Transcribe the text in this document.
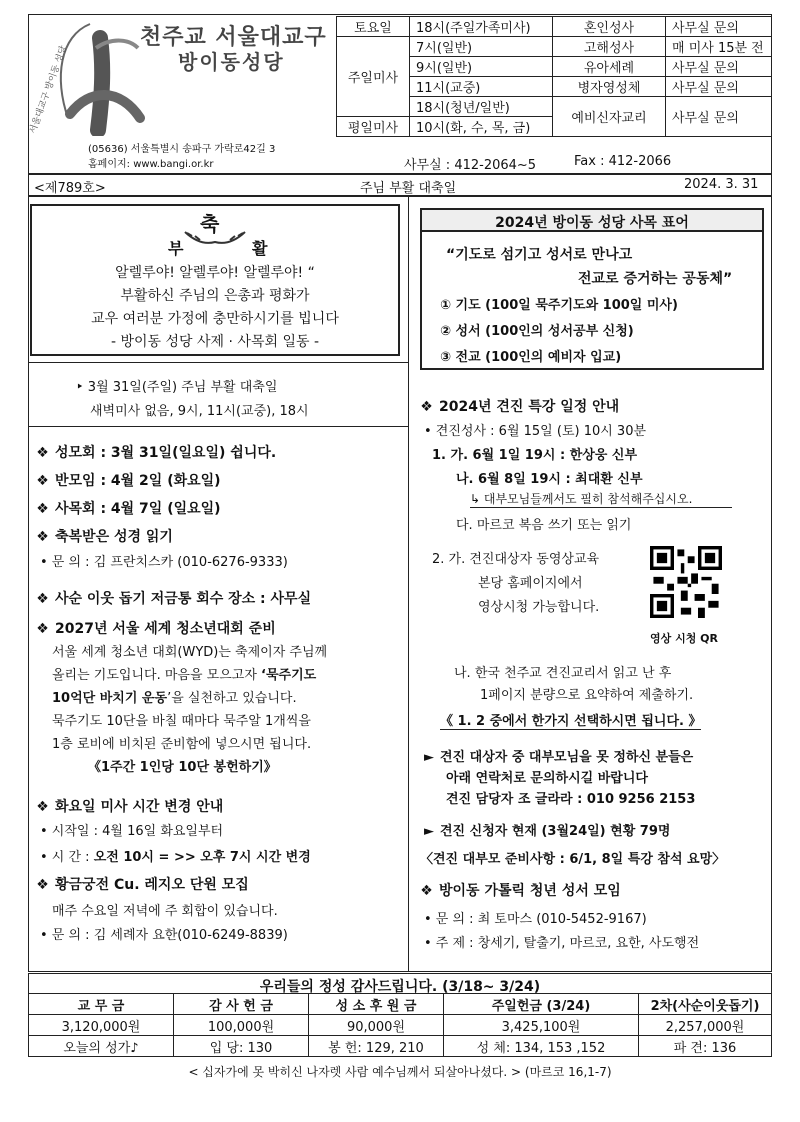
서울대교구 방이동 성당
천주교 서울대교구
방이동성당
(05636) 서울특별시 송파구 가락로42길 3
홈페이지: www.bangi.or.kr
토요일	18시(주일가족미사)	혼인성사	사무실 문의
주일미사	7시(일반)	고해성사	매 미사 15분 전
	9시(일반)	유아세례	사무실 문의
	11시(교중)	병자영성체	사무실 문의
	18시(청년/일반)	예비신자교리	사무실 문의
평일미사	10시(화, 수, 목, 금)		
사무실 : 412-2064~5	Fax : 412-2066
<제789호>	주님 부활 대축일	2024. 3. 31
축
부	활
알렐루야! 알렐루야! 알렐루야! “
부활하신 주님의 은총과 평화가
교우 여러분 가정에 충만하시기를 빕니다
- 방이동 성당 사제 · 사목회 일동 -
‣ 3월 31일(주일) 주님 부활 대축일
새벽미사 없음, 9시, 11시(교중), 18시
❖ 성모회 : 3월 31일(일요일) 쉽니다.
❖ 반모임 : 4월 2일 (화요일)
❖ 사목회 : 4월 7일 (일요일)
❖ 축복받은 성경 읽기
• 문 의 : 김 프란치스카 (010-6276-9333)
❖ 사순 이웃 돕기 저금통 회수 장소 : 사무실
❖ 2027년 서울 세계 청소년대회 준비
서울 세계 청소년 대회(WYD)는 축제이자 주님께
올리는 기도입니다. 마음을 모으고자 ‘묵주기도
10억단 바치기 운동’을 실천하고 있습니다.
묵주기도 10단을 바칠 때마다 묵주알 1개씩을
1층 로비에 비치된 준비함에 넣으시면 됩니다.
《1주간 1인당 10단 봉헌하기》
❖ 화요일 미사 시간 변경 안내
• 시작일 : 4월 16일 화요일부터
• 시 간 : 오전 10시 = >> 오후 7시 시간 변경
❖ 황금궁전 Cu. 레지오 단원 모집
매주 수요일 저녁에 주 회합이 있습니다.
• 문 의 : 김 세례자 요한(010-6249-8839)
2024년 방이동 성당 사목 표어
“기도로 섬기고 성서로 만나고
전교로 증거하는 공동체”
① 기도 (100일 묵주기도와 100일 미사)
② 성서 (100인의 성서공부 신청)
③ 전교 (100인의 예비자 입교)
❖ 2024년 견진 특강 일정 안내
• 견진성사 : 6월 15일 (토) 10시 30분
1. 가. 6월 1일 19시 : 한상웅 신부
나. 6월 8일 19시 : 최대환 신부
↳ 대부모님들께서도 필히 참석해주십시오.
다. 마르코 복음 쓰기 또는 읽기
2. 가. 견진대상자 동영상교육
본당 홈페이지에서
영상시청 가능합니다.
영상 시청 QR
나. 한국 천주교 견진교리서 읽고 난 후
1페이지 분량으로 요약하여 제출하기.
《 1. 2 중에서 한가지 선택하시면 됩니다. 》
► 견진 대상자 중 대부모님을 못 정하신 분들은
아래 연락처로 문의하시길 바랍니다
견진 담당자 조 글라라 : 010 9256 2153
► 견진 신청자 현재 (3월24일) 현황 79명
〈견진 대부모 준비사항 : 6/1, 8일 특강 참석 요망〉
❖ 방이동 가톨릭 청년 성서 모임
• 문 의 : 최 토마스 (010-5452-9167)
• 주 제 : 창세기, 탈출기, 마르코, 요한, 사도행전
우리들의 정성 감사드립니다. (3/18~ 3/24)
교 무 금	감 사 헌 금	성 소 후 원 금	주일헌금 (3/24)	2차(사순이웃돕기)
3,120,000원	100,000원	90,000원	3,425,100원	2,257,000원
오늘의 성가♪	입 당: 130	봉 헌: 129, 210	성 체: 134, 153 ,152	파 견: 136
< 십자가에 못 박히신 나자렛 사람 예수님께서 되살아나셨다. > (마르코 16,1-7)
